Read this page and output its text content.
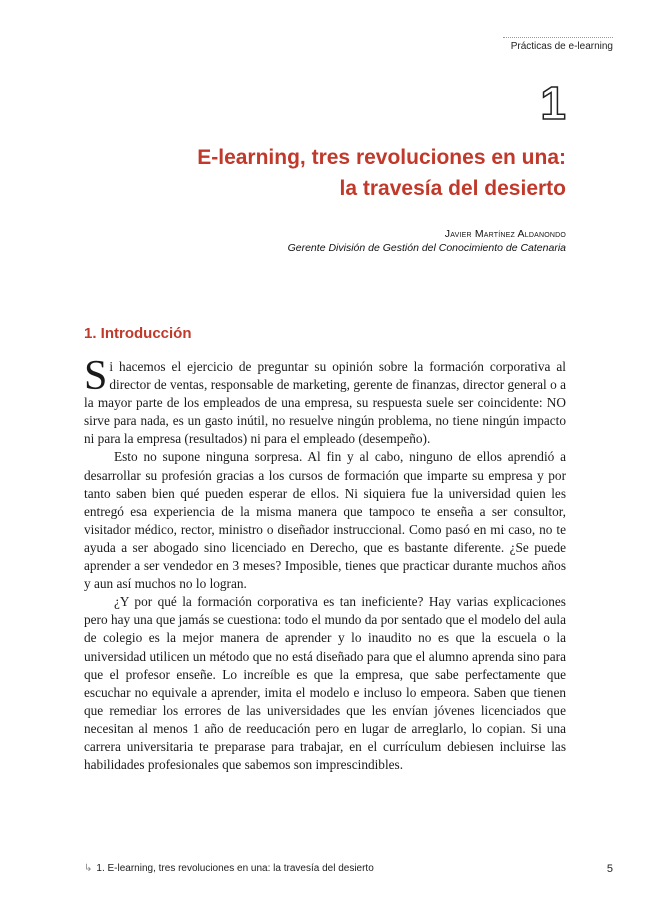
Prácticas de e-learning
1
E-learning, tres revoluciones en una:
la travesía del desierto
Javier Martínez Aldanondo
Gerente División de Gestión del Conocimiento de Catenaria
1. Introducción

Si hacemos el ejercicio de preguntar su opinión sobre la formación corporativa al director de ventas, responsable de marketing, gerente de finanzas, director general o a la mayor parte de los empleados de una empresa, su respuesta suele ser coincidente: NO sirve para nada, es un gasto inútil, no resuelve ningún problema, no tiene ningún impacto ni para la empresa (resultados) ni para el empleado (desempeño).

Esto no supone ninguna sorpresa. Al fin y al cabo, ninguno de ellos aprendió a desarrollar su profesión gracias a los cursos de formación que imparte su empresa y por tanto saben bien qué pueden esperar de ellos. Ni siquiera fue la universidad quien les entregó esa experiencia de la misma manera que tampoco te enseña a ser consultor, visitador médico, rector, ministro o diseñador instruccional. Como pasó en mi caso, no te ayuda a ser abogado sino licenciado en Derecho, que es bastante diferente. ¿Se puede aprender a ser vendedor en 3 meses? Imposible, tienes que practicar durante muchos años y aun así muchos no lo logran.

¿Y por qué la formación corporativa es tan ineficiente? Hay varias explicaciones pero hay una que jamás se cuestiona: todo el mundo da por sentado que el modelo del aula de colegio es la mejor manera de aprender y lo inaudito no es que la escuela o la universidad utilicen un método que no está diseñado para que el alumno aprenda sino para que el profesor enseñe. Lo increíble es que la empresa, que sabe perfectamente que escuchar no equivale a aprender, imita el modelo e incluso lo empeora. Saben que tienen que remediar los errores de las universidades que les envían jóvenes licenciados que necesitan al menos 1 año de reeducación pero en lugar de arreglarlo, lo copian. Si una carrera universitaria te preparase para trabajar, en el currículum debiesen incluirse las habilidades profesionales que sabemos son imprescindibles.

↳ 1. E-learning, tres revoluciones en una: la travesía del desierto	5
